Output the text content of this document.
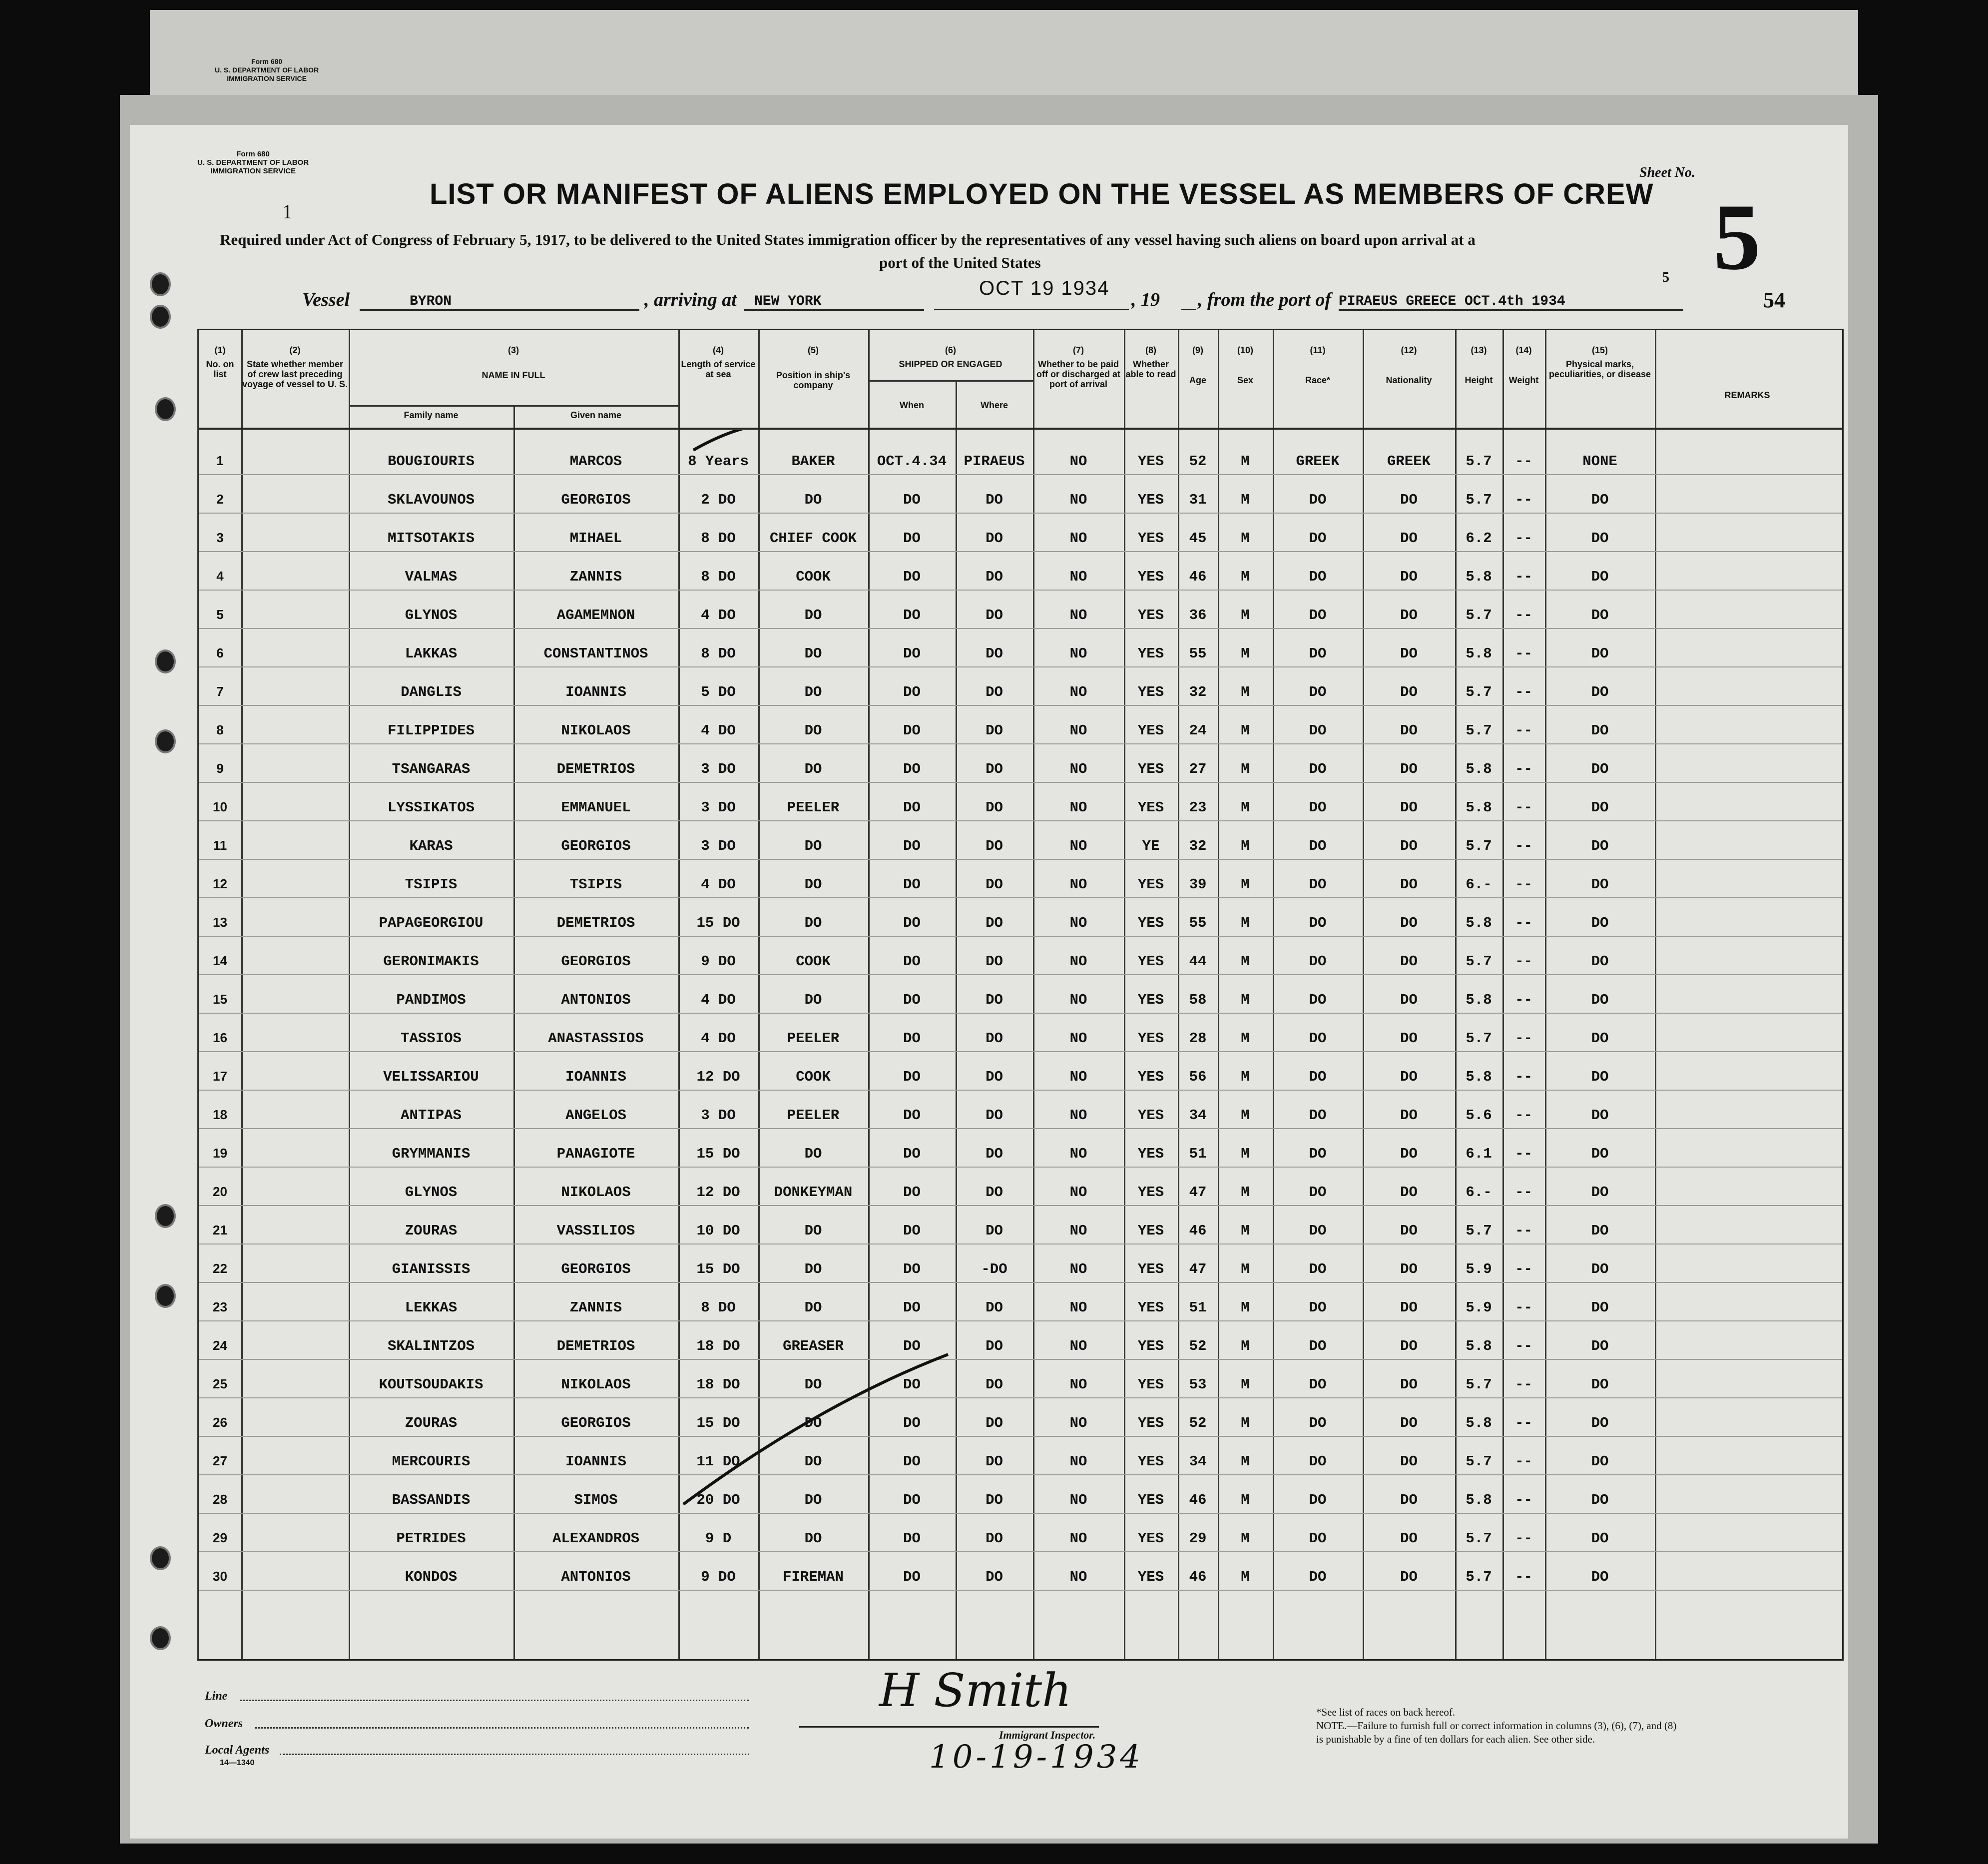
Form 680
U. S. DEPARTMENT OF LABOR
IMMIGRATION SERVICE
Form 680
U. S. DEPARTMENT OF LABOR
IMMIGRATION SERVICE
1
LIST OR MANIFEST OF ALIENS EMPLOYED ON THE VESSEL AS MEMBERS OF CREW
Required under Act of Congress of February 5, 1917, to be delivered to the United States immigration officer by the representatives of any vessel having such aliens on board upon arrival at a
port of the United States
Sheet No.
5
5
54
Vessel	BYRON	, arriving at	NEW YORK
OCT 19 1934
, 19 , from the port of PIRAEUS GREECE OCT.4th 1934
(1)
No. on list
(2)
State whether member of crew last preceding voyage of vessel to U. S.
(3)
NAME IN FULL
Family name	Given name
(4)
Length of service at sea
(5)
Position in ship's company
(6)
SHIPPED OR ENGAGED
When	Where
(7)
Whether to be paid off or discharged at port of arrival
(8)
Whether able to read
(9)
Age
(10)
Sex
(11)
Race*
(12)
Nationality
(13)
Height
(14)
Weight
(15)
Physical marks, peculiarities, or disease
REMARKS
1	BOUGIOURIS	MARCOS	8 Years	BAKER	OCT.4.34	PIRAEUS	NO	YES	52	M	GREEK	GREEK	5.7	--	NONE
2	SKLAVOUNOS	GEORGIOS	2 DO	DO	DO	DO	NO	YES	31	M	DO	DO	5.7	--	DO
3	MITSOTAKIS	MIHAEL	8 DO	CHIEF COOK	DO	DO	NO	YES	45	M	DO	DO	6.2	--	DO
4	VALMAS	ZANNIS	8 DO	COOK	DO	DO	NO	YES	46	M	DO	DO	5.8	--	DO
5	GLYNOS	AGAMEMNON	4 DO	DO	DO	DO	NO	YES	36	M	DO	DO	5.7	--	DO
6	LAKKAS	CONSTANTINOS	8 DO	DO	DO	DO	NO	YES	55	M	DO	DO	5.8	--	DO
7	DANGLIS	IOANNIS	5 DO	DO	DO	DO	NO	YES	32	M	DO	DO	5.7	--	DO
8	FILIPPIDES	NIKOLAOS	4 DO	DO	DO	DO	NO	YES	24	M	DO	DO	5.7	--	DO
9	TSANGARAS	DEMETRIOS	3 DO	DO	DO	DO	NO	YES	27	M	DO	DO	5.8	--	DO
10	LYSSIKATOS	EMMANUEL	3 DO	PEELER	DO	DO	NO	YES	23	M	DO	DO	5.8	--	DO
11	KARAS	GEORGIOS	3 DO	DO	DO	DO	NO	YE	32	M	DO	DO	5.7	--	DO
12	TSIPIS	TSIPIS	4 DO	DO	DO	DO	NO	YES	39	M	DO	DO	6.-	--	DO
13	PAPAGEORGIOU	DEMETRIOS	15 DO	DO	DO	DO	NO	YES	55	M	DO	DO	5.8	--	DO
14	GERONIMAKIS	GEORGIOS	9 DO	COOK	DO	DO	NO	YES	44	M	DO	DO	5.7	--	DO
15	PANDIMOS	ANTONIOS	4 DO	DO	DO	DO	NO	YES	58	M	DO	DO	5.8	--	DO
16	TASSIOS	ANASTASSIOS	4 DO	PEELER	DO	DO	NO	YES	28	M	DO	DO	5.7	--	DO
17	VELISSARIOU	IOANNIS	12 DO	COOK	DO	DO	NO	YES	56	M	DO	DO	5.8	--	DO
18	ANTIPAS	ANGELOS	3 DO	PEELER	DO	DO	NO	YES	34	M	DO	DO	5.6	--	DO
19	GRYMMANIS	PANAGIOTE	15 DO	DO	DO	DO	NO	YES	51	M	DO	DO	6.1	--	DO
20	GLYNOS	NIKOLAOS	12 DO	DONKEYMAN	DO	DO	NO	YES	47	M	DO	DO	6.-	--	DO
21	ZOURAS	VASSILIOS	10 DO	DO	DO	DO	NO	YES	46	M	DO	DO	5.7	--	DO
22	GIANISSIS	GEORGIOS	15 DO	DO	DO	-DO	NO	YES	47	M	DO	DO	5.9	--	DO
23	LEKKAS	ZANNIS	8 DO	DO	DO	DO	NO	YES	51	M	DO	DO	5.9	--	DO
24	SKALINTZOS	DEMETRIOS	18 DO	GREASER	DO	DO	NO	YES	52	M	DO	DO	5.8	--	DO
25	KOUTSOUDAKIS	NIKOLAOS	18 DO	DO	DO	DO	NO	YES	53	M	DO	DO	5.7	--	DO
26	ZOURAS	GEORGIOS	15 DO	DO	DO	DO	NO	YES	52	M	DO	DO	5.8	--	DO
27	MERCOURIS	IOANNIS	11 DO	DO	DO	DO	NO	YES	34	M	DO	DO	5.7	--	DO
28	BASSANDIS	SIMOS	20 DO	DO	DO	DO	NO	YES	46	M	DO	DO	5.8	--	DO
29	PETRIDES	ALEXANDROS	9 D	DO	DO	DO	NO	YES	29	M	DO	DO	5.7	--	DO
30	KONDOS	ANTONIOS	9 DO	FIREMAN	DO	DO	NO	YES	46	M	DO	DO	5.7	--	DO
Line
Owners
Local Agents
14—1340
H Smith
Immigrant Inspector.
10-19-1934
*See list of races on back hereof.
NOTE.—Failure to furnish full or correct information in columns (3), (6), (7), and (8)
is punishable by a fine of ten dollars for each alien. See other side.
